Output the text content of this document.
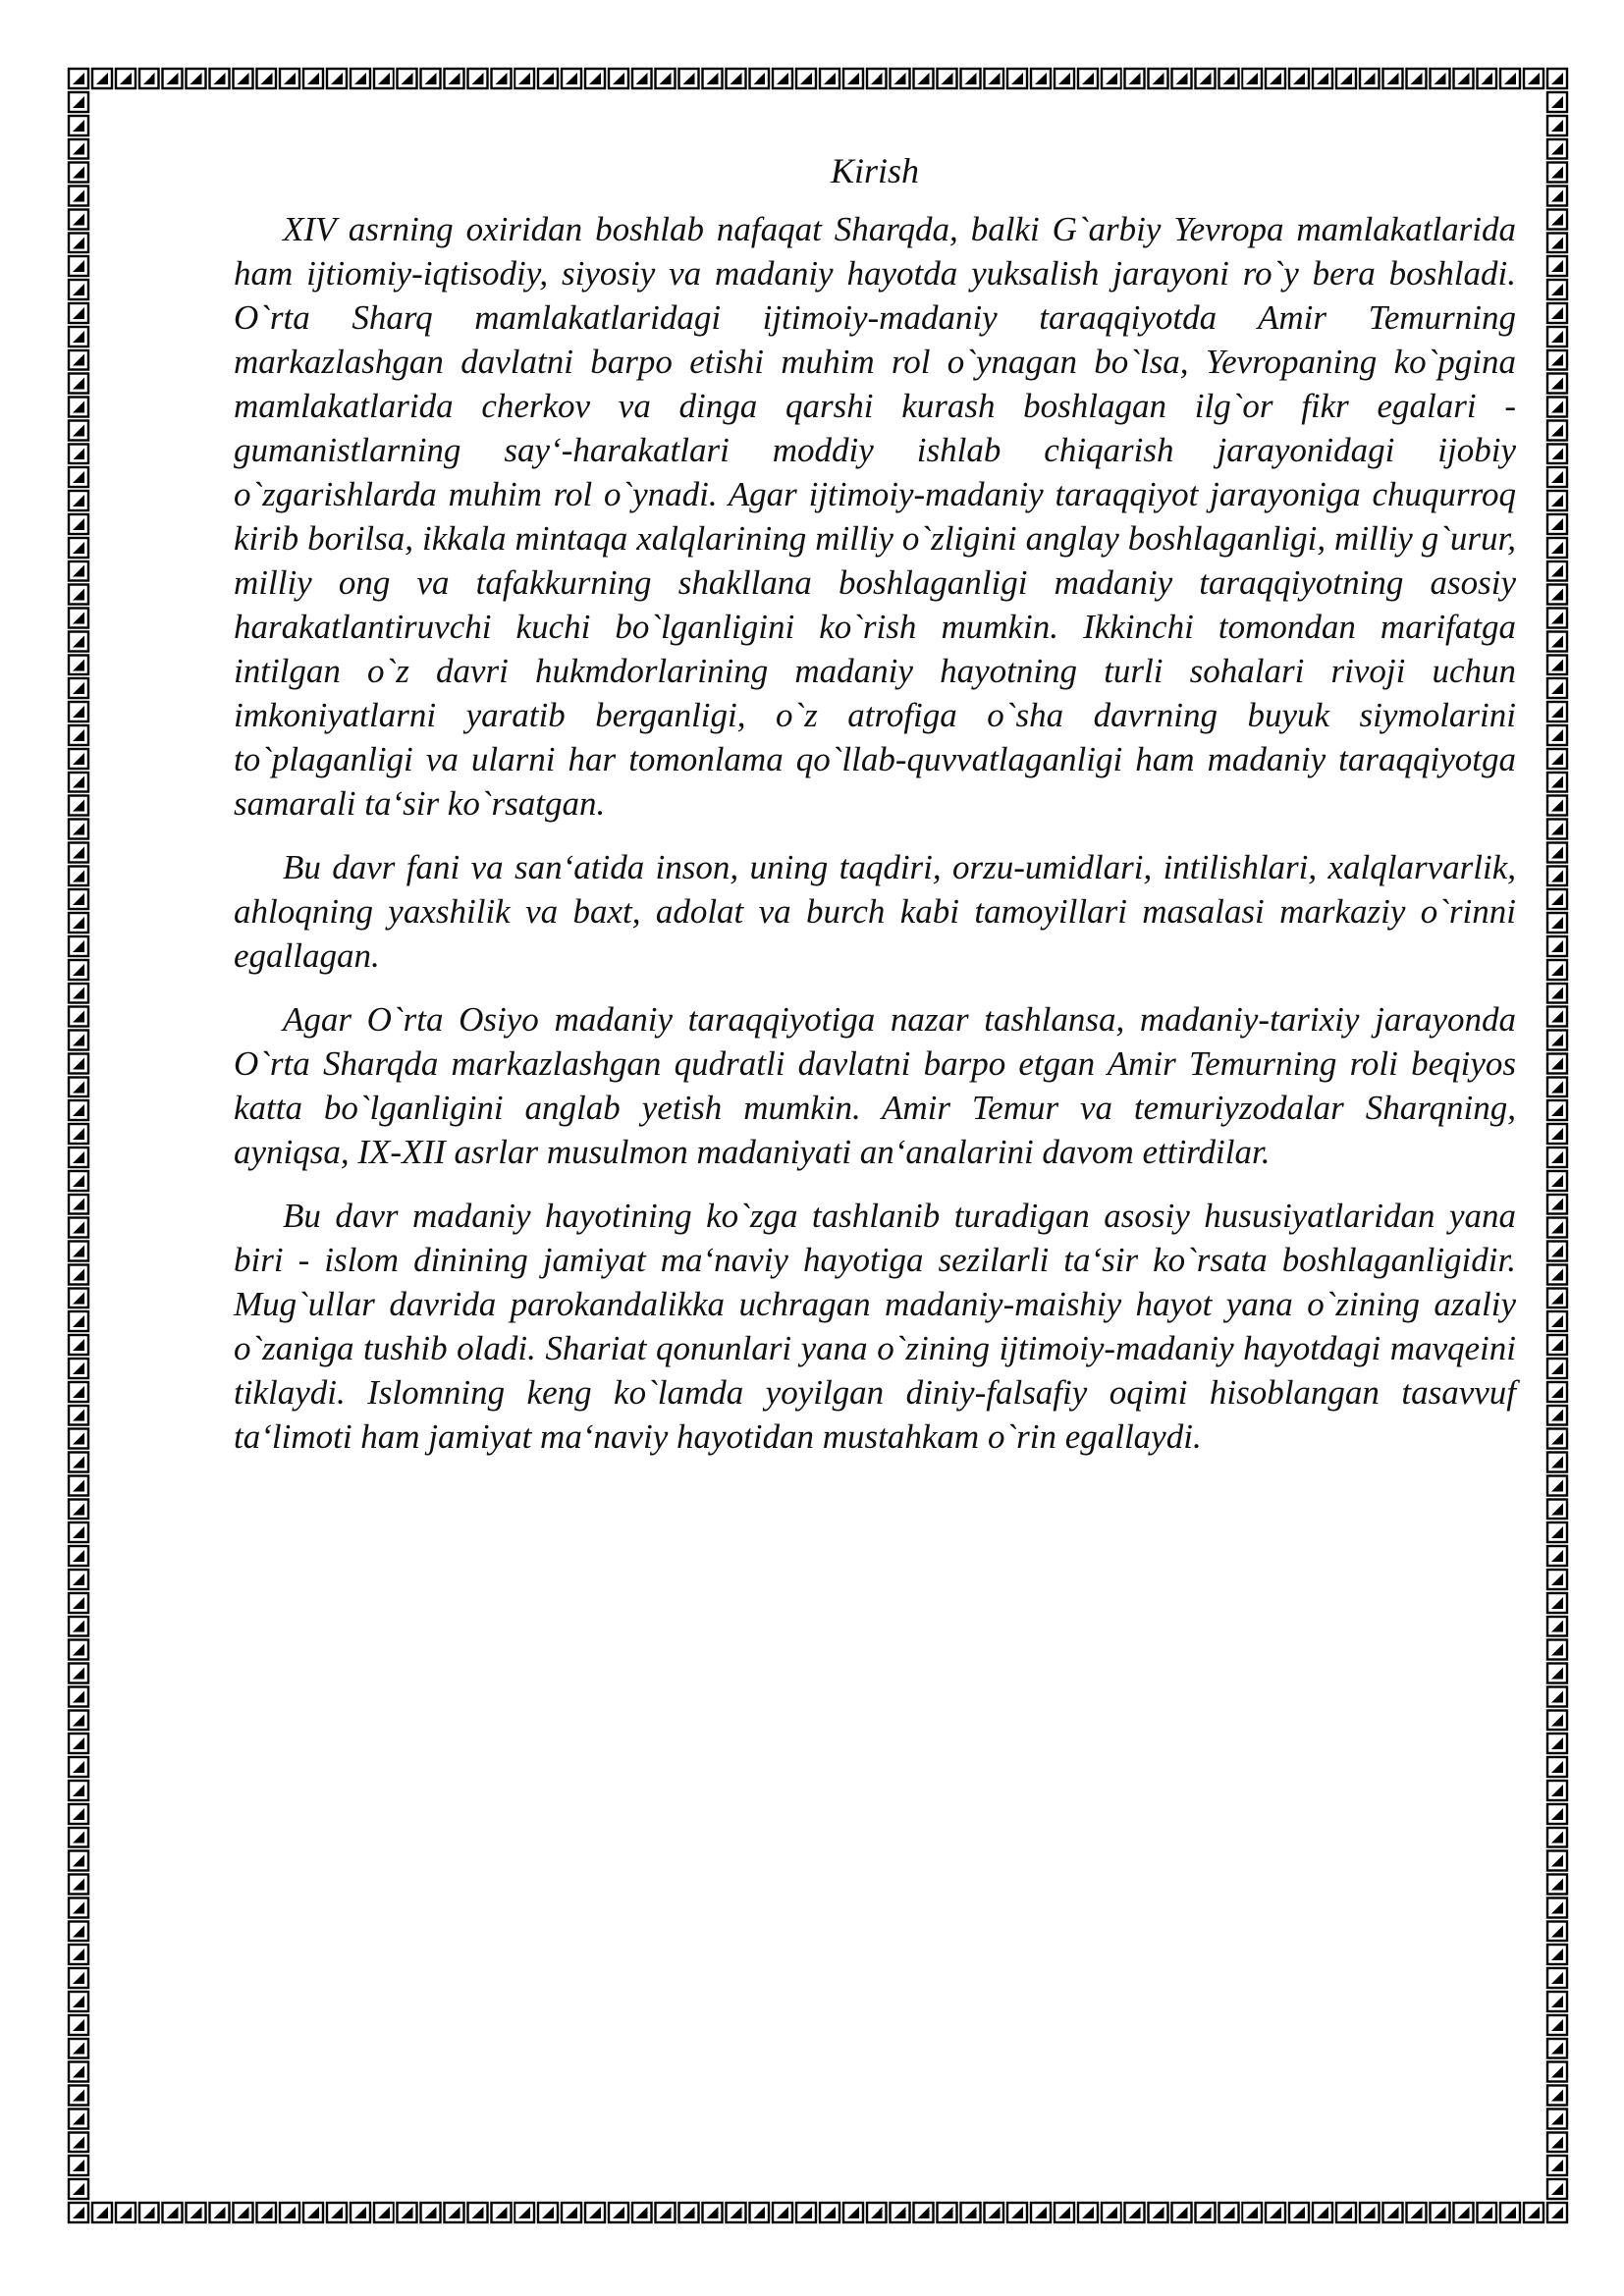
Kirish

XIV asrning oxiridan boshlab nafaqat Sharqda, balki G`arbiy Yevropa mamlakatlarida ham ijtiomiy-iqtisodiy, siyosiy va madaniy hayotda yuksalish jarayoni ro`y bera boshladi. O`rta Sharq mamlakatlaridagi ijtimoiy-madaniy taraqqiyotda Amir Temurning markazlashgan davlatni barpo etishi muhim rol o`ynagan bo`lsa, Yevropaning ko`pgina mamlakatlarida cherkov va dinga qarshi kurash boshlagan ilg`or fikr egalari - gumanistlarning say‘-harakatlari moddiy ishlab chiqarish jarayonidagi ijobiy o`zgarishlarda muhim rol o`ynadi. Agar ijtimoiy-madaniy taraqqiyot jarayoniga chuqurroq kirib borilsa, ikkala mintaqa xalqlarining milliy o`zligini anglay boshlaganligi, milliy g`urur, milliy ong va tafakkurning shakllana boshlaganligi madaniy taraqqiyotning asosiy harakatlantiruvchi kuchi bo`lganligini ko`rish mumkin. Ikkinchi tomondan marifatga intilgan o`z davri hukmdorlarining madaniy hayotning turli sohalari rivoji uchun imkoniyatlarni yaratib berganligi, o`z atrofiga o`sha davrning buyuk siymolarini to`plaganligi va ularni har tomonlama qo`llab-quvvatlaganligi ham madaniy taraqqiyotga samarali ta‘sir ko`rsatgan.

Bu davr fani va san‘atida inson, uning taqdiri, orzu-umidlari, intilishlari, xalqlarvarlik, ahloqning yaxshilik va baxt, adolat va burch kabi tamoyillari masalasi markaziy o`rinni egallagan.

Agar O`rta Osiyo madaniy taraqqiyotiga nazar tashlansa, madaniy-tarixiy jarayonda O`rta Sharqda markazlashgan qudratli davlatni barpo etgan Amir Temurning roli beqiyos katta bo`lganligini anglab yetish mumkin. Amir Temur va temuriyzodalar Sharqning, ayniqsa, IX-XII asrlar musulmon madaniyati an‘analarini davom ettirdilar.

Bu davr madaniy hayotining ko`zga tashlanib turadigan asosiy hususiyatlaridan yana biri - islom dinining jamiyat ma‘naviy hayotiga sezilarli ta‘sir ko`rsata boshlaganligidir. Mug`ullar davrida parokandalikka uchragan madaniy-maishiy hayot yana o`zining azaliy o`zaniga tushib oladi. Shariat qonunlari yana o`zining ijtimoiy-madaniy hayotdagi mavqeini tiklaydi. Islomning keng ko`lamda yoyilgan diniy-falsafiy oqimi hisoblangan tasavvuf ta‘limoti ham jamiyat ma‘naviy hayotidan mustahkam o`rin egallaydi.
